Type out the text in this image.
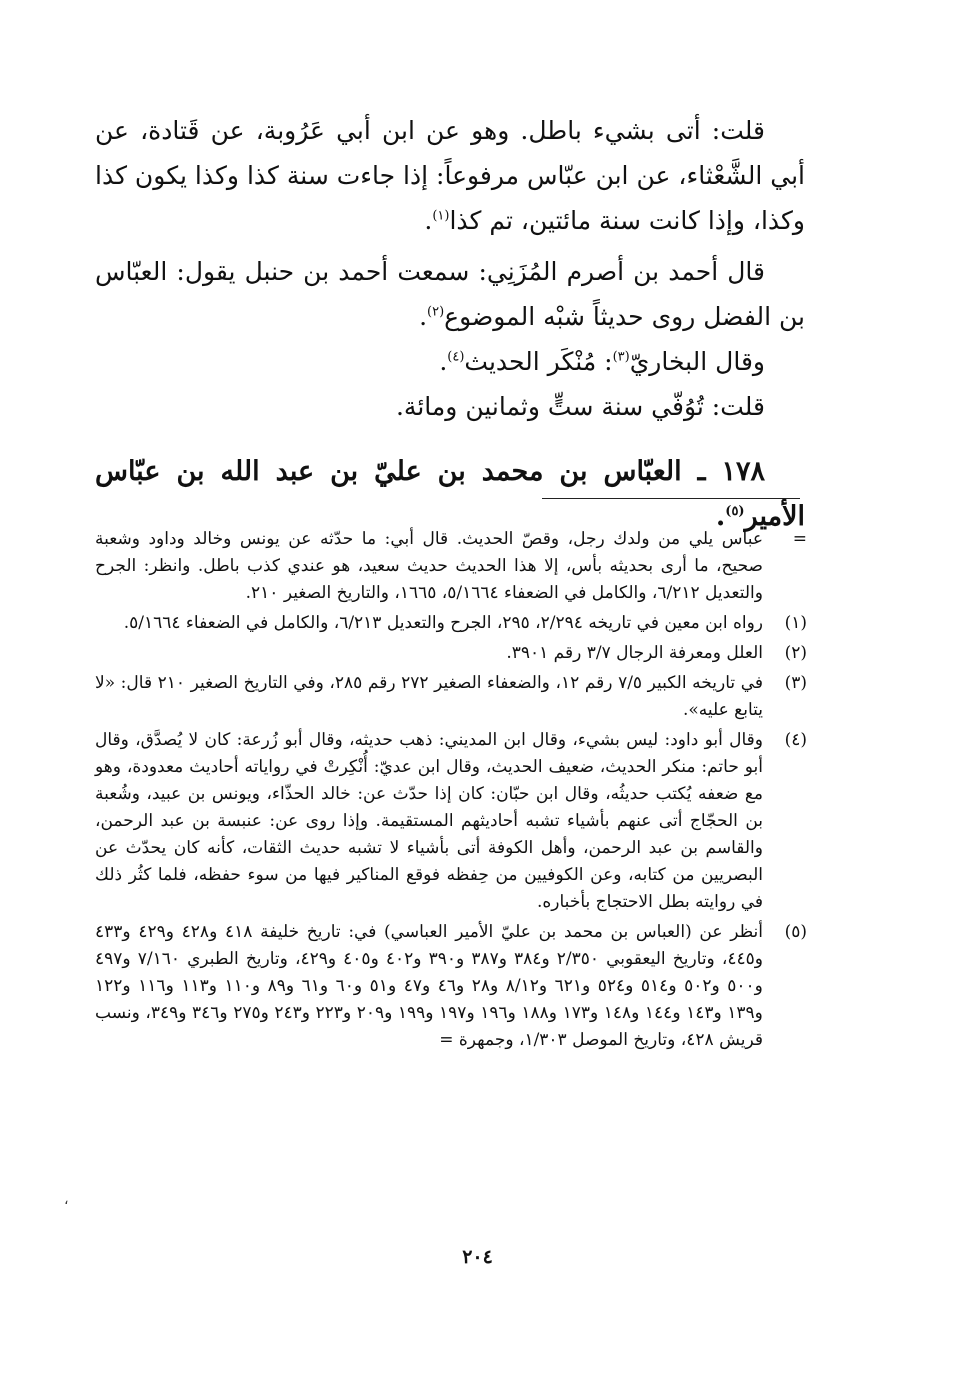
قلت: أتى بشيء باطل. وهو عن ابن أبي عَرُوبة، عن قَتادة، عن أبي الشَّعْثاء، عن ابن عبّاس مرفوعاً: إذا جاءت سنة كذا وكذا يكون كذا وكذا، وإذا كانت سنة مائتين، تم كذا$^{(١)}$.

قال أحمد بن أصرم المُزَنِي: سمعت أحمد بن حنبل يقول: العبّاس بن الفضل روى حديثاً شبْه الموضوع$^{(٢)}$.

وقال البخاريّ$^{(٣)}$: مُنْكَر الحديث$^{(٤)}$.

قلت: تُوُفّي سنة ستٍّ وثمانين ومائة.

١٧٨ ـ العبّاس بن محمد بن عليّ بن عبد الله بن عبّاس الأمير$^{(٥)}$.

=
عباس يلي من ولدك رجل، وقصّ الحديث. قال أبي: ما حدّثه عن يونس وخالد وداود وشعبة صحيح، ما أرى بحديثه بأس، إلا هذا الحديث حديث سعيد، هو عندي كذب باطل. وانظر: الجرح والتعديل ٦/٢١٢، والكامل في الضعفاء ٥/١٦٦٤، ١٦٦٥، والتاريخ الصغير ٢١٠.
(١)
رواه ابن معين في تاريخه ٢/٢٩٤، ٢٩٥، الجرح والتعديل ٦/٢١٣، والكامل في الضعفاء ٥/١٦٦٤.
(٢)
العلل ومعرفة الرجال ٣/٧ رقم ٣٩٠١.
(٣)
في تاريخه الكبير ٧/٥ رقم ١٢، والضعفاء الصغير ٢٧٢ رقم ٢٨٥، وفي التاريخ الصغير ٢١٠ قال: «لا يتابع عليه».
(٤)
وقال أبو داود: ليس بشيء، وقال ابن المديني: ذهب حديثه، وقال أبو زُرعة: كان لا يُصدَّق، وقال أبو حاتم: منكر الحديث، ضعيف الحديث، وقال ابن عديّ: أُنْكِرتْ في رواياته أحاديث معدودة، وهو مع ضعفه يُكتب حديثُه، وقال ابن حبّان: كان إذا حدّث عن: خالد الحذّاء، ويونس بن عبيد، وشُعبة بن الحجّاج أتى عنهم بأشياء تشبه أحاديثهم المستقيمة. وإذا روى عن: عنبسة بن عبد الرحمن، والقاسم بن عبد الرحمن، وأهل الكوفة أتى بأشياء لا تشبه حديث الثقات، كأنه كان يحدّث عن البصريين من كتابه، وعن الكوفيين من حِفظه فوقع المناكير فيها من سوء حفظه، فلما كثُر ذلك في روايته بطل الاحتجاج بأخباره.
(٥)
أنظر عن (العباس بن محمد بن عليّ الأمير العباسي) في: تاريخ خليفة ٤١٨ و٤٢٨ و٤٢٩ و٤٣٣ و٤٤٥، وتاريخ اليعقوبي ٢/٣٥٠ و٣٨٤ و٣٨٧ و٣٩٠ و٤٠٢ و٤٠٥ و٤٢٩، وتاريخ الطبري ٧/١٦٠ و٤٩٧ و٥٠٠ و٥٠٢ و٥١٤ و٥٢٤ و٦٢١ و٨/١٢ و٢٨ و٤٦ و٤٧ و٥١ و٦٠ و٦١ و٨٩ و١١٠ و١١٣ و١١٦ و١٢٢ و١٣٩ و١٤٣ و١٤٤ و١٤٨ و١٧٣ و١٨٨ و١٩٦ و١٩٧ و١٩٩ و٢٠٩ و٢٢٣ و٢٤٣ و٢٧٥ و٣٤٦ و٣٤٩، ونسب قريش ٤٢٨، وتاريخ الموصل ١/٣٠٣، وجمهرة =
،
٢٠٤
